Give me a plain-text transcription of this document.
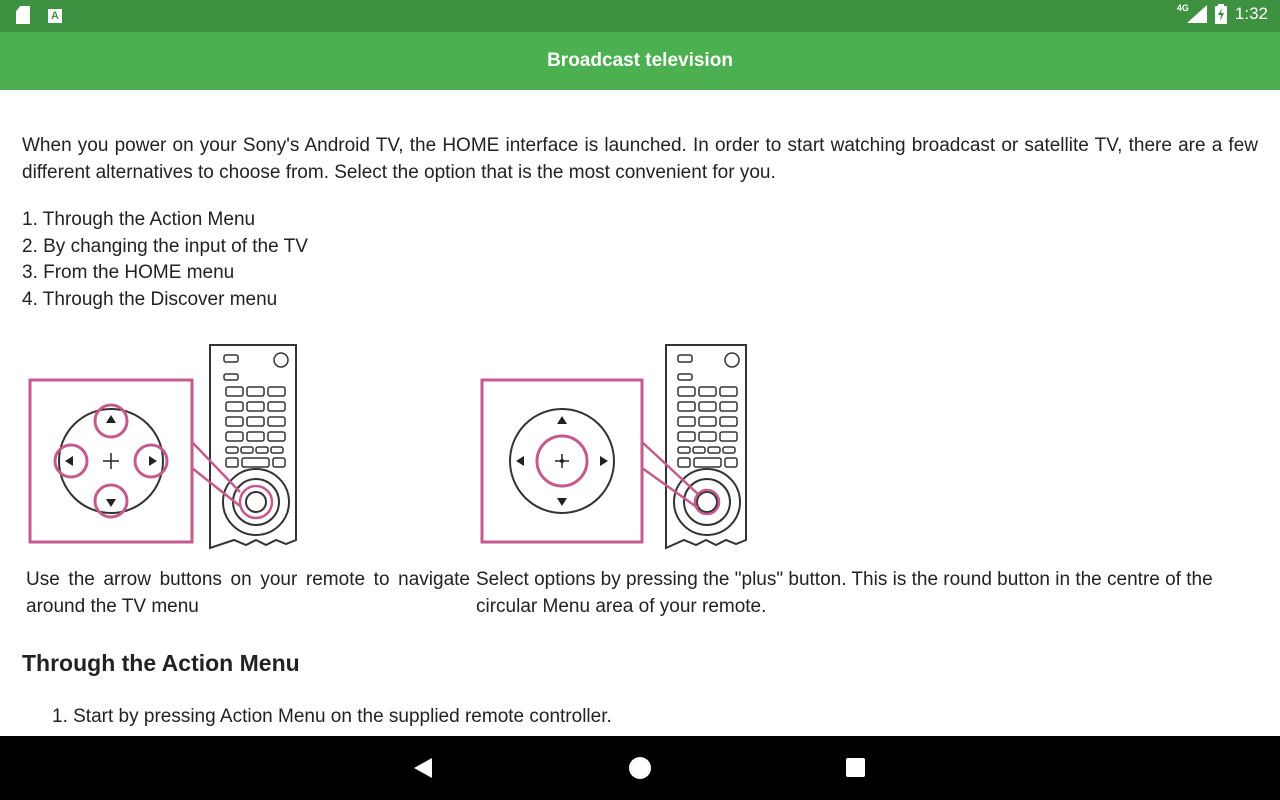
A
4G	1:32
Broadcast television

When you power on your Sony's Android TV, the HOME interface is launched. In order to start watching broadcast or satellite TV, there are a few different alternatives to choose from. Select the option that is the most convenient for you.

1. Through the Action Menu
2. By changing the input of the TV
3. From the HOME menu
4. Through the Discover menu

Use the arrow buttons on your remote to navigate around the TV menu

Select options by pressing the "plus" button. This is the round button in the centre of the circular Menu area of your remote.

Through the Action Menu
1. Start by pressing Action Menu on the supplied remote controller.
